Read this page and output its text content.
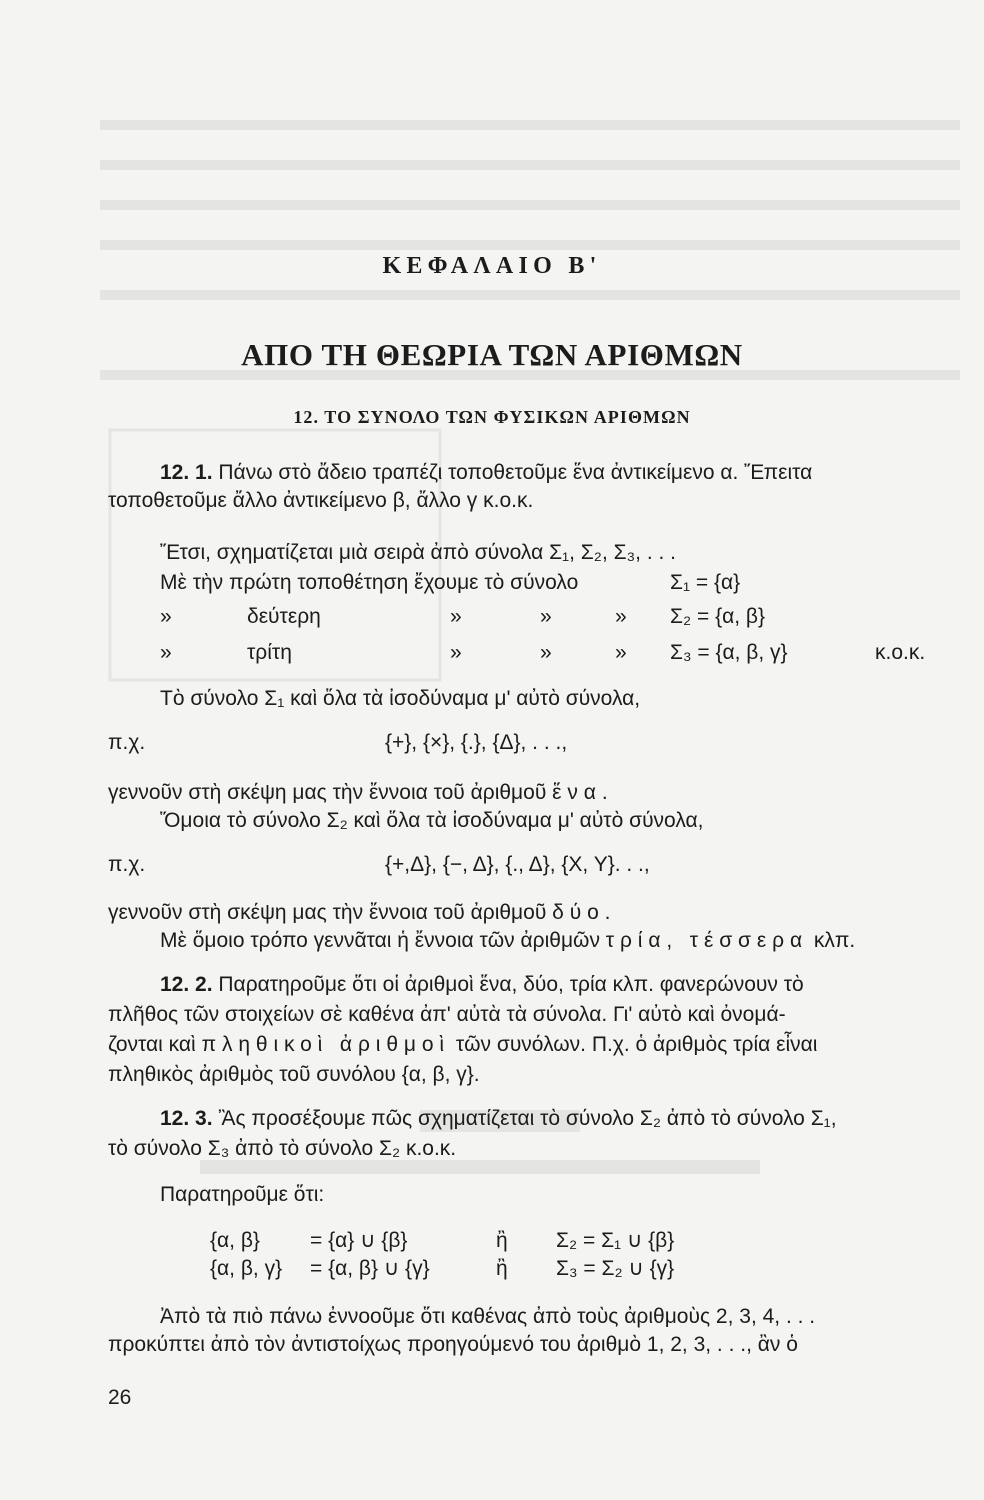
ΚΕΦΑΛΑΙΟ Β'
ΑΠΟ ΤΗ ΘΕΩΡΙΑ ΤΩΝ ΑΡΙΘΜΩΝ
12. ΤΟ ΣΥΝΟΛΟ ΤΩΝ ΦΥΣΙΚΩΝ ΑΡΙΘΜΩΝ
12. 1. Πάνω στὸ ἄδειο τραπέζι τοποθετοῦμε ἕνα ἀντικείμενο α. Ἔπειτα
τοποθετοῦμε ἄλλο ἀντικείμενο β, ἄλλο γ κ.ο.κ.
Ἔτσι, σχηματίζεται μιὰ σειρὰ ἀπὸ σύνολα Σ₁, Σ₂, Σ₃, . . .
Μὲ τὴν πρώτη τοποθέτηση ἔχουμε τὸ σύνολο	Σ₁ = {α}
»	δεύτερη	»	»	» Σ₂ = {α, β}
»	τρίτη	»	»	» Σ₃ = {α, β, γ}	κ.ο.κ.
Τὸ σύνολο Σ₁ καὶ ὅλα τὰ ἰσοδύναμα μ' αὐτὸ σύνολα,
π.χ.	{+}, {×}, {.}, {Δ}, . . .,
γεννοῦν στὴ σκέψη μας τὴν ἔννοια τοῦ ἀριθμοῦ ἕνα.
Ὅμοια τὸ σύνολο Σ₂ καὶ ὅλα τὰ ἰσοδύναμα μ' αὐτὸ σύνολα,
π.χ.	{+,Δ}, {−, Δ}, {., Δ}, {Χ, Υ}. . .,
γεννοῦν στὴ σκέψη μας τὴν ἔννοια τοῦ ἀριθμοῦ δύο.
Μὲ ὅμοιο τρόπο γεννᾶται ἡ ἔννοια τῶν ἀριθμῶν τρία, τέσσερα κλπ.
12. 2. Παρατηροῦμε ὅτι οἱ ἀριθμοὶ ἕνα, δύο, τρία κλπ. φανερώνουν τὸ
πλῆθος τῶν στοιχείων σὲ καθένα ἀπ' αὐτὰ τὰ σύνολα. Γι' αὐτὸ καὶ ὀνομά-
ζονται καὶ πληθικοὶ ἀριθμοὶ τῶν συνόλων. Π.χ. ὁ ἀριθμὸς τρία εἶναι
πληθικὸς ἀριθμὸς τοῦ συνόλου {α, β, γ}.
12. 3. Ἂς προσέξουμε πῶς σχηματίζεται τὸ σύνολο Σ₂ ἀπὸ τὸ σύνολο Σ₁,
τὸ σύνολο Σ₃ ἀπὸ τὸ σύνολο Σ₂ κ.ο.κ.
Παρατηροῦμε ὅτι:
{α, β} = {α} ∪ {β}	ἢ Σ₂ = Σ₁ ∪ {β}
{α, β, γ} = {α, β} ∪ {γ}	ἢ Σ₃ = Σ₂ ∪ {γ}
Ἀπὸ τὰ πιὸ πάνω ἐννοοῦμε ὅτι καθένας ἀπὸ τοὺς ἀριθμοὺς 2, 3, 4, . . .
προκύπτει ἀπὸ τὸν ἀντιστοίχως προηγούμενό του ἀριθμὸ 1, 2, 3, . . ., ἂν ὁ
26
